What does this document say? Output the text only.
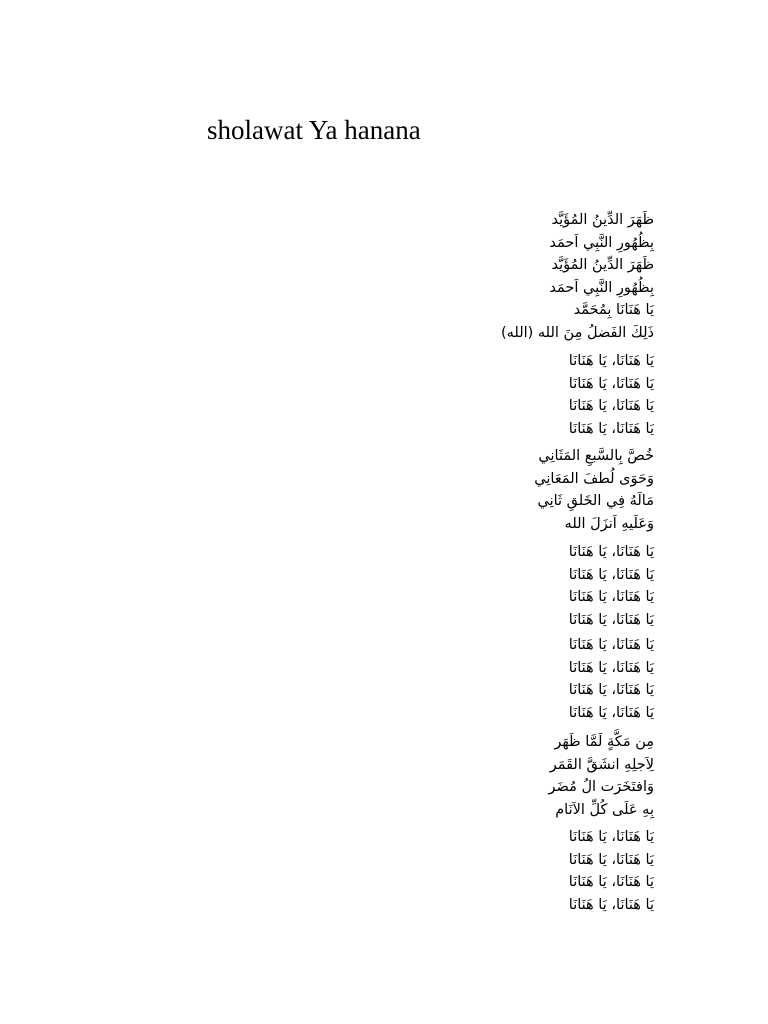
sholawat Ya hanana
ظَهَرَ الدِّينُ المُؤَيَّد
بِظُهُورِ النَّبِي اَحمَد
ظَهَرَ الدِّينُ المُؤَيَّد
بِظُهُورِ النَّبِي اَحمَد
يَا هَنَانَا بِمُحَمَّد
ذَلِكَ الفَضلُ مِنَ الله (الله)
يَا هَنَانَا، يَا هَنَانَا
يَا هَنَانَا، يَا هَنَانَا
يَا هَنَانَا، يَا هَنَانَا
يَا هَنَانَا، يَا هَنَانَا
خُصَّ بِالسَّبعِ المَثَانِي
وَحَوَى لُطفَ المَعَانِي
مَالَهُ فِي الخَلقِ ثَانِي
وَعَلَيهِ اَنزَلَ الله
يَا هَنَانَا، يَا هَنَانَا
يَا هَنَانَا، يَا هَنَانَا
يَا هَنَانَا، يَا هَنَانَا
يَا هَنَانَا، يَا هَنَانَا
يَا هَنَانَا، يَا هَنَانَا
يَا هَنَانَا، يَا هَنَانَا
يَا هَنَانَا، يَا هَنَانَا
يَا هَنَانَا، يَا هَنَانَا
مِن مَكَّةٍ لَمَّا ظَهَر
لِاَجلِهِ انشَقَّ القَمَر
وَافتَخَرَت الُ مُضَر
بِهِ عَلَى كُلِّ الاَنَام
يَا هَنَانَا، يَا هَنَانَا
يَا هَنَانَا، يَا هَنَانَا
يَا هَنَانَا، يَا هَنَانَا
يَا هَنَانَا، يَا هَنَانَا
